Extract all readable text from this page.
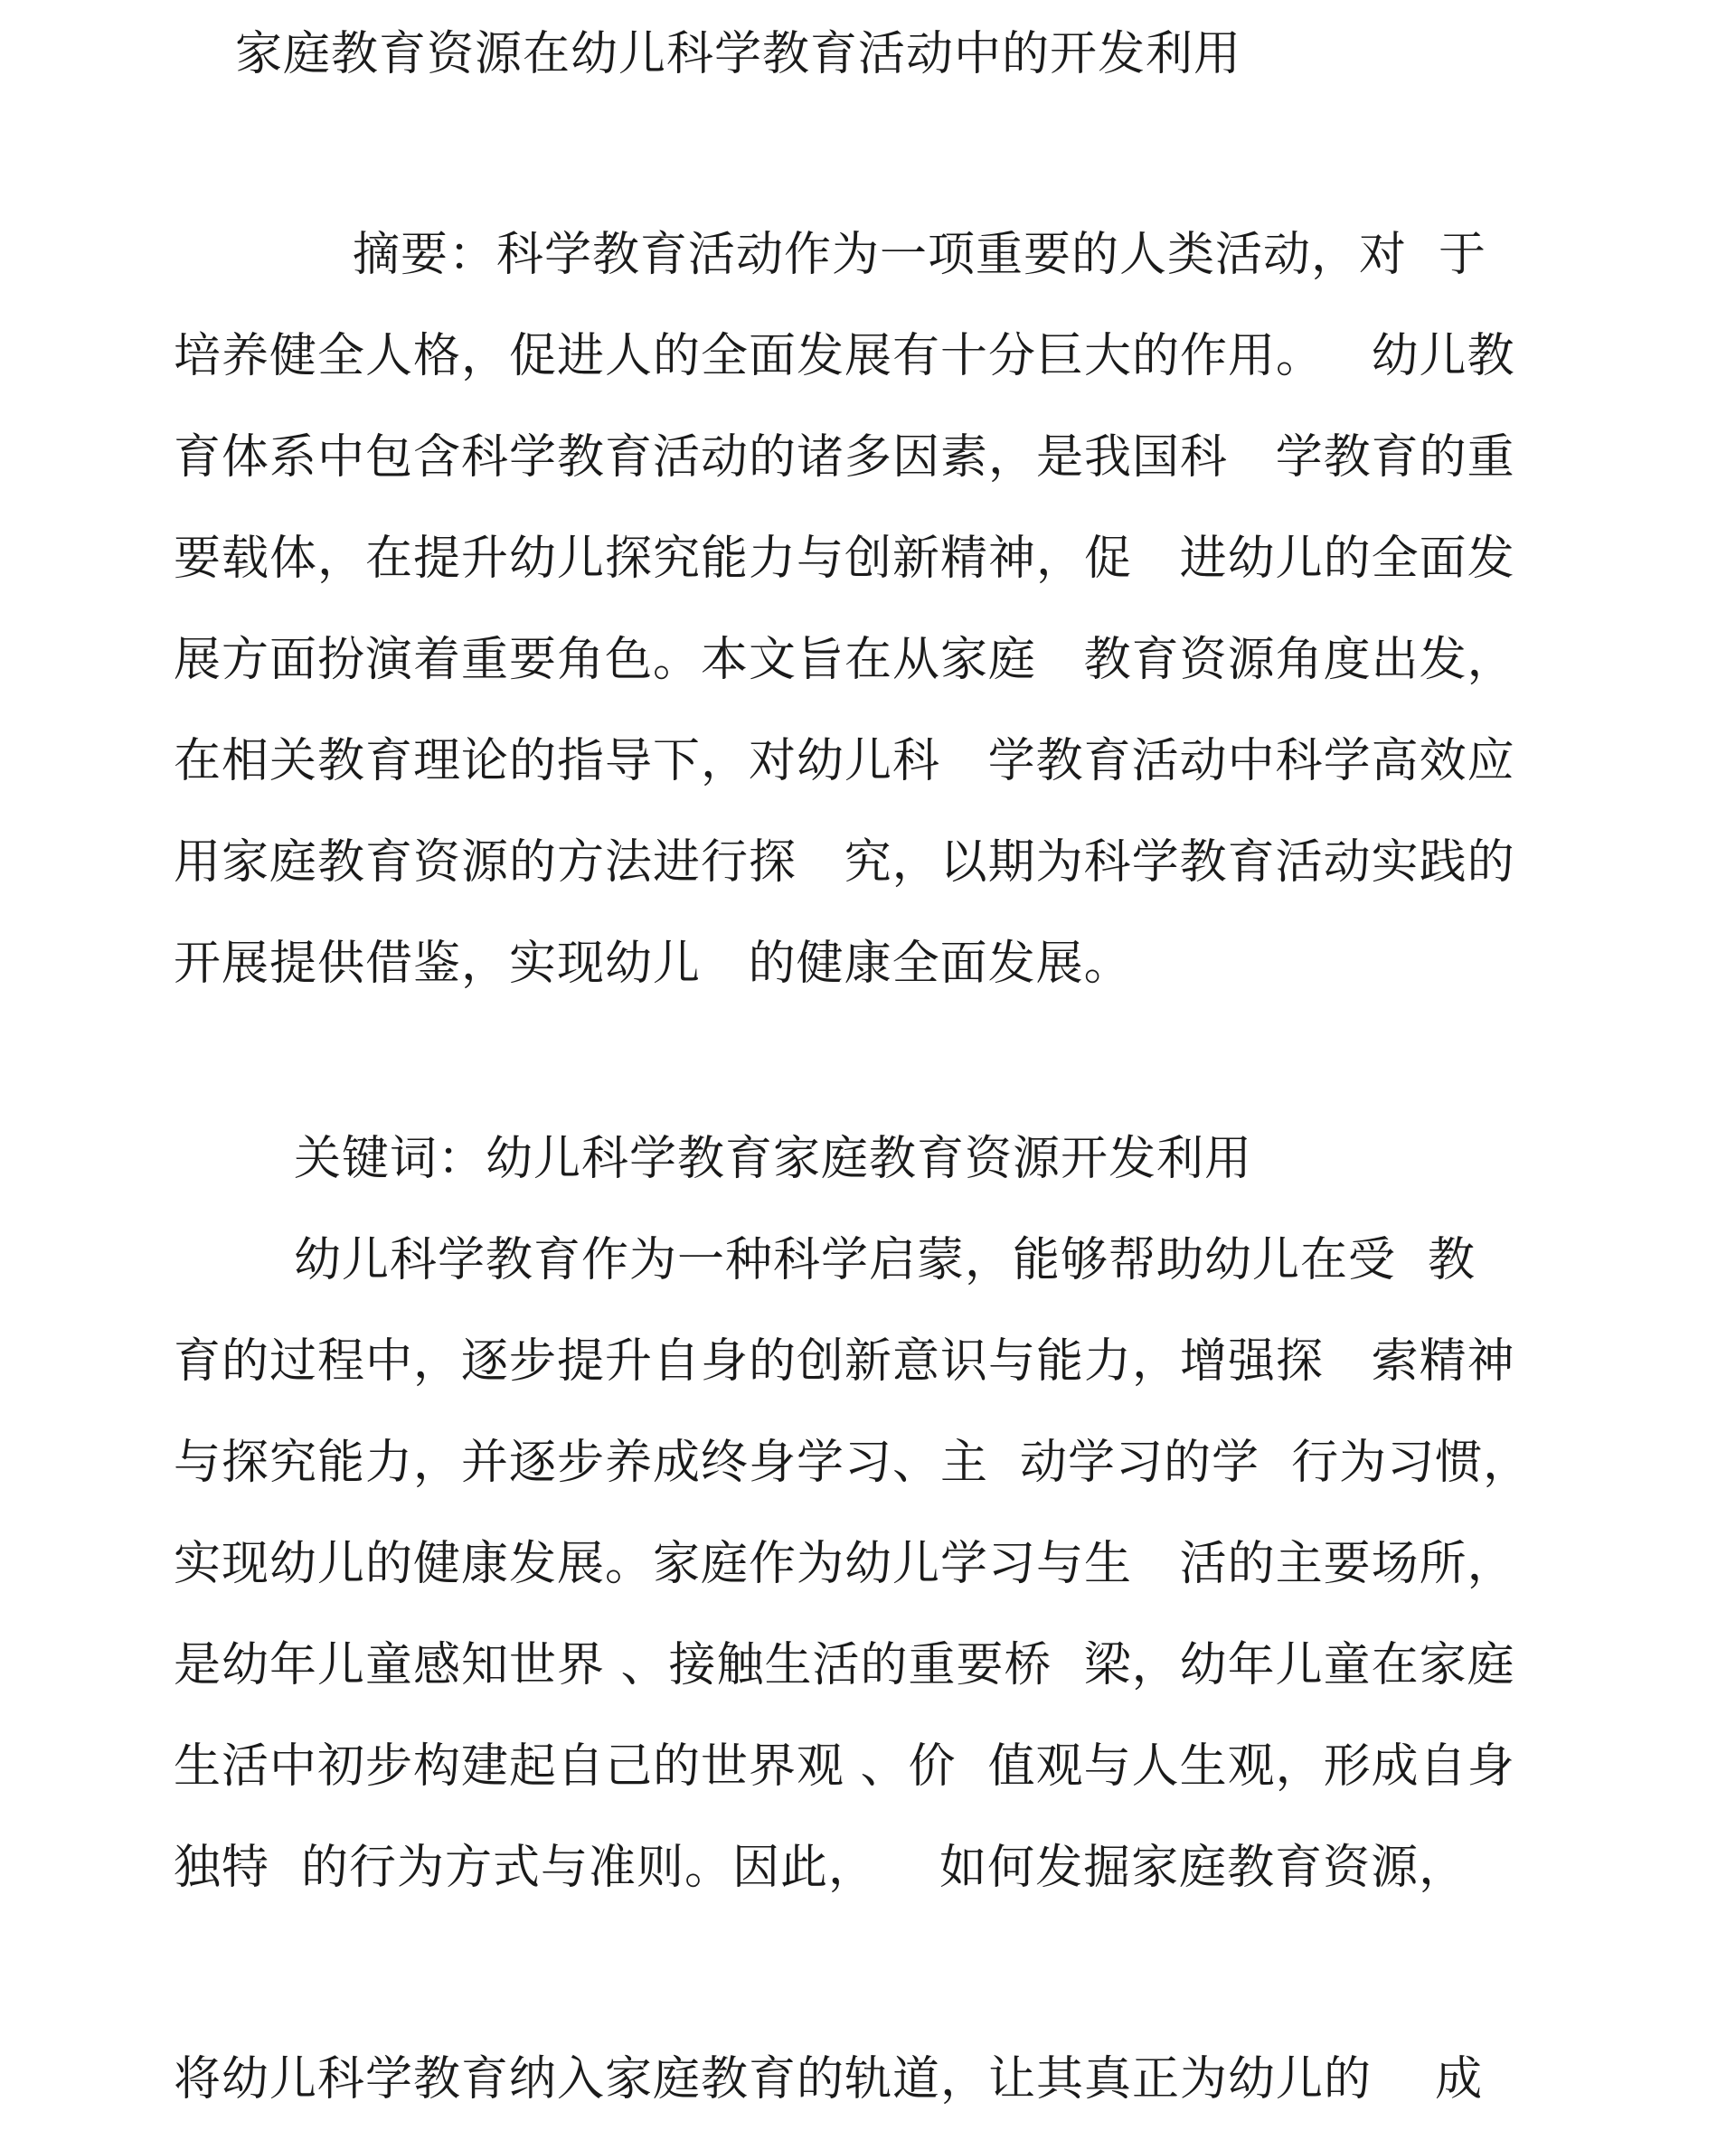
家庭教育资源在幼儿科学教育活动中的开发利用
摘要：科学教育活动作为一项重要的人类活动，对  于
培养健全人格，促进人的全面发展有十分巨大的作用。   幼儿教
育体系中包含科学教育活动的诸多因素，是我国科   学教育的重
要载体，在提升幼儿探究能力与创新精神，促   进幼儿的全面发
展方面扮演着重要角色。本文旨在从家庭   教育资源角度出发，
在相关教育理论的指导下，对幼儿科   学教育活动中科学高效应
用家庭教育资源的方法进行探   究，以期为科学教育活动实践的
开展提供借鉴，实现幼儿   的健康全面发展。
关键词：幼儿科学教育家庭教育资源开发利用
幼儿科学教育作为一种科学启蒙，能够帮助幼儿在受  教
育的过程中，逐步提升自身的创新意识与能力，增强探   索精神
与探究能力，并逐步养成终身学习、主  动学习的学  行为习惯，
实现幼儿的健康发展。家庭作为幼儿学习与生   活的主要场所，
是幼年儿童感知世界 、接触生活的重要桥  梁，幼年儿童在家庭
生活中初步构建起自己的世界观 、价  值观与人生观，形成自身
独特  的行为方式与准则。因此，    如何发掘家庭教育资源，
将幼儿科学教育纳入家庭教育的轨道，让其真正为幼儿的    成
